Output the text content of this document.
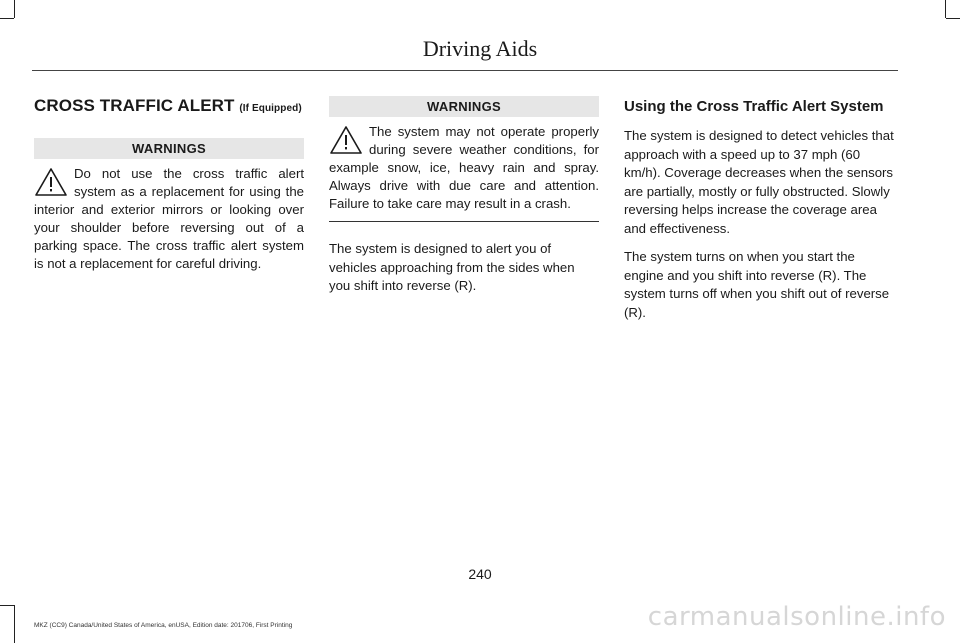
Driving Aids
CROSS TRAFFIC ALERT (If Equipped)
WARNINGS
Do not use the cross traffic alert system as a replacement for using the interior and exterior mirrors or looking over your shoulder before reversing out of a parking space. The cross traffic alert system is not a replacement for careful driving.
WARNINGS
The system may not operate properly during severe weather conditions, for example snow, ice, heavy rain and spray. Always drive with due care and attention. Failure to take care may result in a crash.

The system is designed to alert you of vehicles approaching from the sides when you shift into reverse (R).

Using the Cross Traffic Alert System

The system is designed to detect vehicles that approach with a speed up to 37 mph (60 km/h). Coverage decreases when the sensors are partially, mostly or fully obstructed. Slowly reversing helps increase the coverage area and effectiveness.

The system turns on when you start the engine and you shift into reverse (R). The system turns off when you shift out of reverse (R).

240
MKZ (CC9) Canada/United States of America, enUSA, Edition date: 201706, First Printing	carmanualsonline.info
